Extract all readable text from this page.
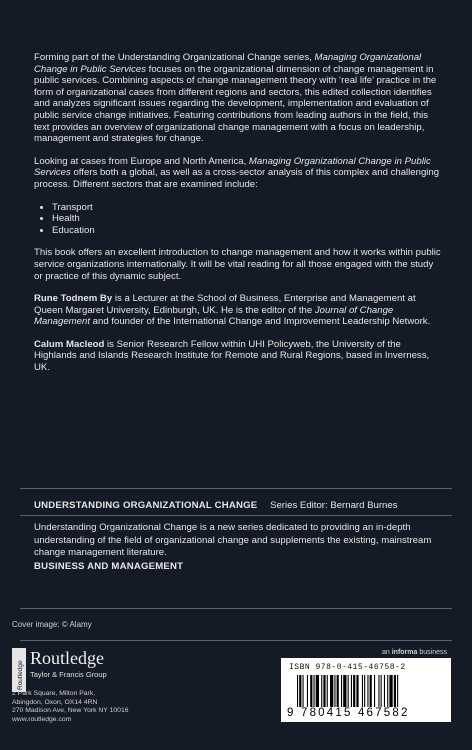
Forming part of the Understanding Organizational Change series, Managing Organizational Change in Public Services focuses on the organizational dimension of change management in public services. Combining aspects of change management theory with ‘real life’ practice in the form of organizational cases from different regions and sectors, this edited collection identifies and analyzes significant issues regarding the development, implementation and evaluation of public service change initiatives. Featuring contributions from leading authors in the field, this text provides an overview of organizational change management with a focus on leadership, management and strategies for change.

Looking at cases from Europe and North America, Managing Organizational Change in Public Services offers both a global, as well as a cross-sector analysis of this complex and challenging process. Different sectors that are examined include:

• Transport
• Health
• Education

This book offers an excellent introduction to change management and how it works within public service organizations internationally. It will be vital reading for all those engaged with the study or practice of this dynamic subject.

Rune Todnem By is a Lecturer at the School of Business, Enterprise and Management at Queen Margaret University, Edinburgh, UK. He is the editor of the Journal of Change Management and founder of the International Change and Improvement Leadership Network.

Calum Macleod is Senior Research Fellow within UHI Policyweb, the University of the Highlands and Islands Research Institute for Remote and Rural Regions, based in Inverness, UK.

UNDERSTANDING ORGANIZATIONAL CHANGE Series Editor: Bernard Burnes
Understanding Organizational Change is a new series dedicated to providing an in-depth understanding of the field of organizational change and supplements the existing, mainstream change management literature.
BUSINESS AND MANAGEMENT
Cover image: © Alamy
Routledge
Routledge
Taylor & Francis Group
2 Park Square, Milton Park,
Abingdon, Oxon, OX14 4RN
270 Madison Ave, New York NY 10016
www.routledge.com
an informa business
ISBN 978-0-415-46758-2
9 780415 467582
